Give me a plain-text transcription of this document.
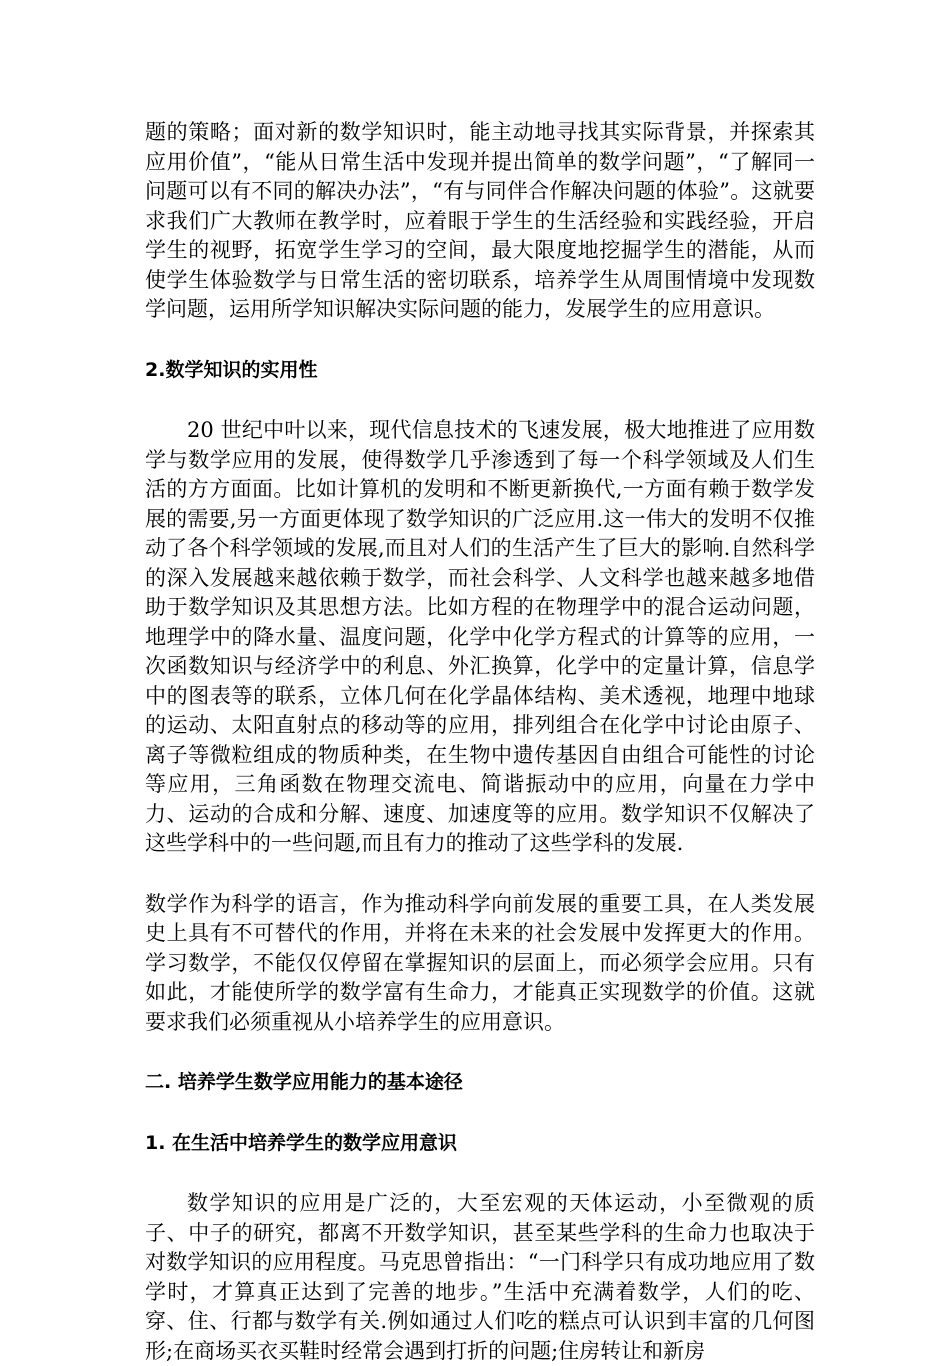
题的策略；面对新的数学知识时，能主动地寻找其实际背景，并探索其应用价值”，“能从日常生活中发现并提出简单的数学问题”，“了解同一问题可以有不同的解决办法”，“有与同伴合作解决问题的体验”。这就要求我们广大教师在教学时，应着眼于学生的生活经验和实践经验，开启学生的视野，拓宽学生学习的空间，最大限度地挖掘学生的潜能，从而使学生体验数学与日常生活的密切联系，培养学生从周围情境中发现数学问题，运用所学知识解决实际问题的能力，发展学生的应用意识。

2.数学知识的实用性

20 世纪中叶以来，现代信息技术的飞速发展，极大地推进了应用数学与数学应用的发展，使得数学几乎渗透到了每一个科学领域及人们生活的方方面面。比如计算机的发明和不断更新换代,一方面有赖于数学发展的需要,另一方面更体现了数学知识的广泛应用.这一伟大的发明不仅推动了各个科学领域的发展,而且对人们的生活产生了巨大的影响.自然科学的深入发展越来越依赖于数学，而社会科学、人文科学也越来越多地借助于数学知识及其思想方法。比如方程的在物理学中的混合运动问题，地理学中的降水量、温度问题，化学中化学方程式的计算等的应用，一次函数知识与经济学中的利息、外汇换算，化学中的定量计算，信息学中的图表等的联系，立体几何在化学晶体结构、美术透视，地理中地球的运动、太阳直射点的移动等的应用，排列组合在化学中讨论由原子、离子等微粒组成的物质种类，在生物中遗传基因自由组合可能性的讨论等应用，三角函数在物理交流电、简谐振动中的应用，向量在力学中力、运动的合成和分解、速度、加速度等的应用。数学知识不仅解决了这些学科中的一些问题,而且有力的推动了这些学科的发展.

数学作为科学的语言，作为推动科学向前发展的重要工具，在人类发展史上具有不可替代的作用，并将在未来的社会发展中发挥更大的作用。学习数学，不能仅仅停留在掌握知识的层面上，而必须学会应用。只有如此，才能使所学的数学富有生命力，才能真正实现数学的价值。这就要求我们必须重视从小培养学生的应用意识。

二. 培养学生数学应用能力的基本途径
1. 在生活中培养学生的数学应用意识

数学知识的应用是广泛的，大至宏观的天体运动，小至微观的质子、中子的研究，都离不开数学知识，甚至某些学科的生命力也取决于对数学知识的应用程度。马克思曾指出：“一门科学只有成功地应用了数学时，才算真正达到了完善的地步。”生活中充满着数学，人们的吃、穿、住、行都与数学有关.例如通过人们吃的糕点可认识到丰富的几何图形;在商场买衣买鞋时经常会遇到打折的问题;住房转让和新房
